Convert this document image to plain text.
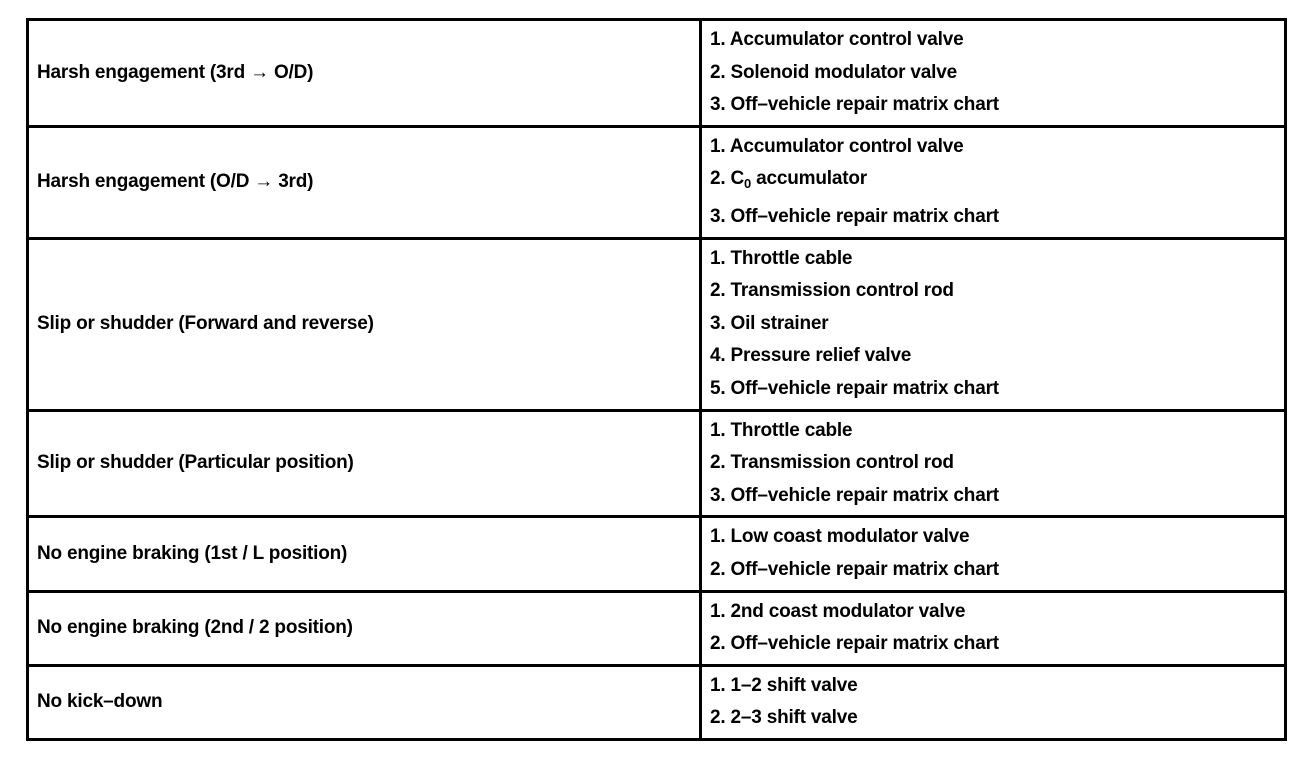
Harsh engagement (3rd → O/D)	1. Accumulator control valve
2. Solenoid modulator valve
3. Off–vehicle repair matrix chart

Harsh engagement (O/D → 3rd)	1. Accumulator control valve
2. $C_0$ accumulator
3. Off–vehicle repair matrix chart

Slip or shudder (Forward and reverse)	1. Throttle cable
2. Transmission control rod
3. Oil strainer
4. Pressure relief valve
5. Off–vehicle repair matrix chart

Slip or shudder (Particular position)	1. Throttle cable
2. Transmission control rod
3. Off–vehicle repair matrix chart

No engine braking (1st / L position)	1. Low coast modulator valve
2. Off–vehicle repair matrix chart

No engine braking (2nd / 2 position)	1. 2nd coast modulator valve
2. Off–vehicle repair matrix chart

No kick–down	1. 1–2 shift valve
2. 2–3 shift valve
